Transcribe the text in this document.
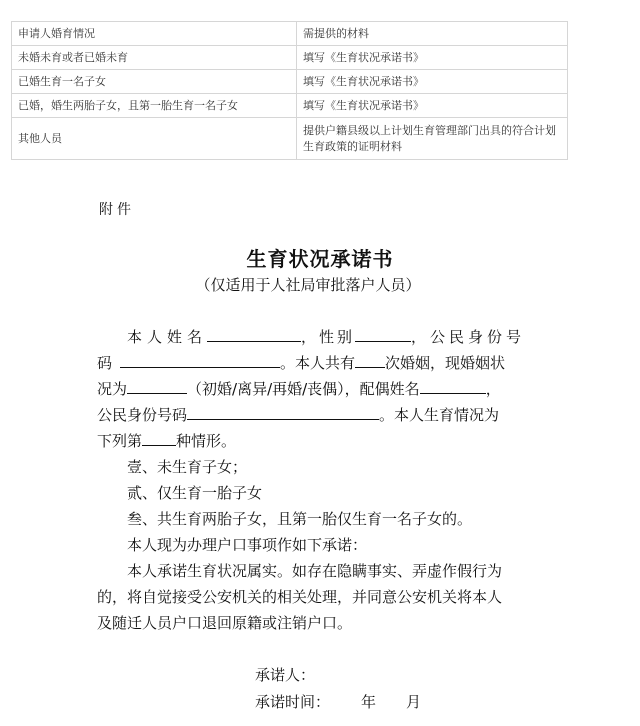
申请人婚育情况	需提供的材料
未婚未育或者已婚未育	填写《生育状况承诺书》
已婚生育一名子女	填写《生育状况承诺书》
已婚，婚生两胎子女，且第一胎生育一名子女	填写《生育状况承诺书》
其他人员	提供户籍县级以上计划生育管理部门出具的符合计划生育政策的证明材料
附件
生育状况承诺书
（仅适用于人社局审批落户人员）
本人姓名	，性别	，公民身份号
码	。本人共有 次婚姻，现婚姻状
况为	（初婚/离异/再婚/丧偶），配偶姓名	，
公民身份号码	。本人生育情况为
下列第 种情形。
壹、未生育子女；
贰、仅生育一胎子女
叁、共生育两胎子女，且第一胎仅生育一名子女的。
本人现为办理户口事项作如下承诺：
本人承诺生育状况属实。如存在隐瞒事实、弄虚作假行为
的，将自觉接受公安机关的相关处理，并同意公安机关将本人
及随迁人员户口退回原籍或注销户口。
承诺人：
承诺时间： 年 月
